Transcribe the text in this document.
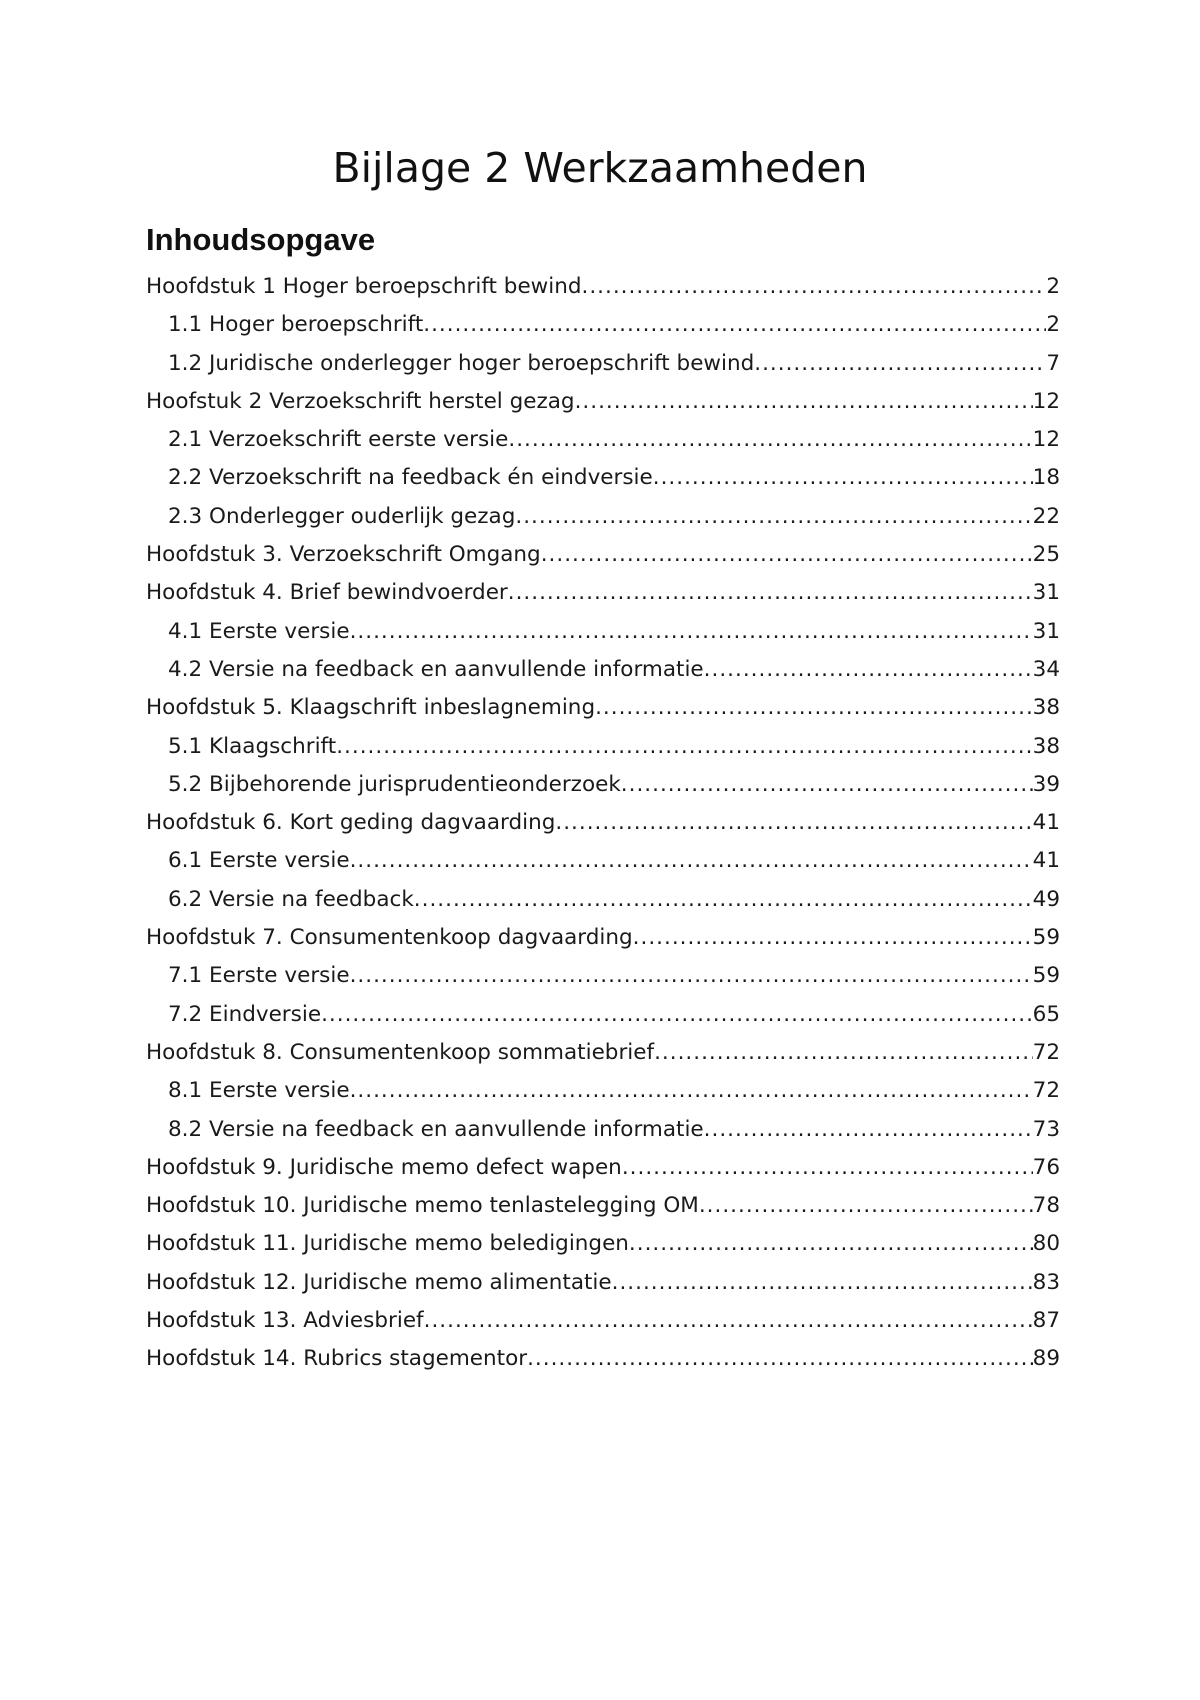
Bijlage 2 Werkzaamheden
Inhoudsopgave
Hoofdstuk 1 Hoger beroepschrift bewind .....	2
1.1 Hoger beroepschrift .....	2
1.2 Juridische onderlegger hoger beroepschrift bewind .....	7
Hoofstuk 2 Verzoekschrift herstel gezag .....	12
2.1 Verzoekschrift eerste versie .....	12
2.2 Verzoekschrift na feedback én eindversie .....	18
2.3 Onderlegger ouderlijk gezag .....	22
Hoofdstuk 3. Verzoekschrift Omgang .....	25
Hoofdstuk 4. Brief bewindvoerder .....	31
4.1 Eerste versie .....	31
4.2 Versie na feedback en aanvullende informatie .....	34
Hoofdstuk 5. Klaagschrift inbeslagneming .....	38
5.1 Klaagschrift .....	38
5.2 Bijbehorende jurisprudentieonderzoek .....	39
Hoofdstuk 6. Kort geding dagvaarding .....	41
6.1 Eerste versie .....	41
6.2 Versie na feedback .....	49
Hoofdstuk 7. Consumentenkoop dagvaarding .....	59
7.1 Eerste versie .....	59
7.2 Eindversie .....	65
Hoofdstuk 8. Consumentenkoop sommatiebrief .....	72
8.1 Eerste versie .....	72
8.2 Versie na feedback en aanvullende informatie .....	73
Hoofdstuk 9. Juridische memo defect wapen .....	76
Hoofdstuk 10. Juridische memo tenlastelegging OM .....	78
Hoofdstuk 11. Juridische memo beledigingen .....	80
Hoofdstuk 12. Juridische memo alimentatie .....	83
Hoofdstuk 13. Adviesbrief .....	87
Hoofdstuk 14. Rubrics stagementor .....	89
